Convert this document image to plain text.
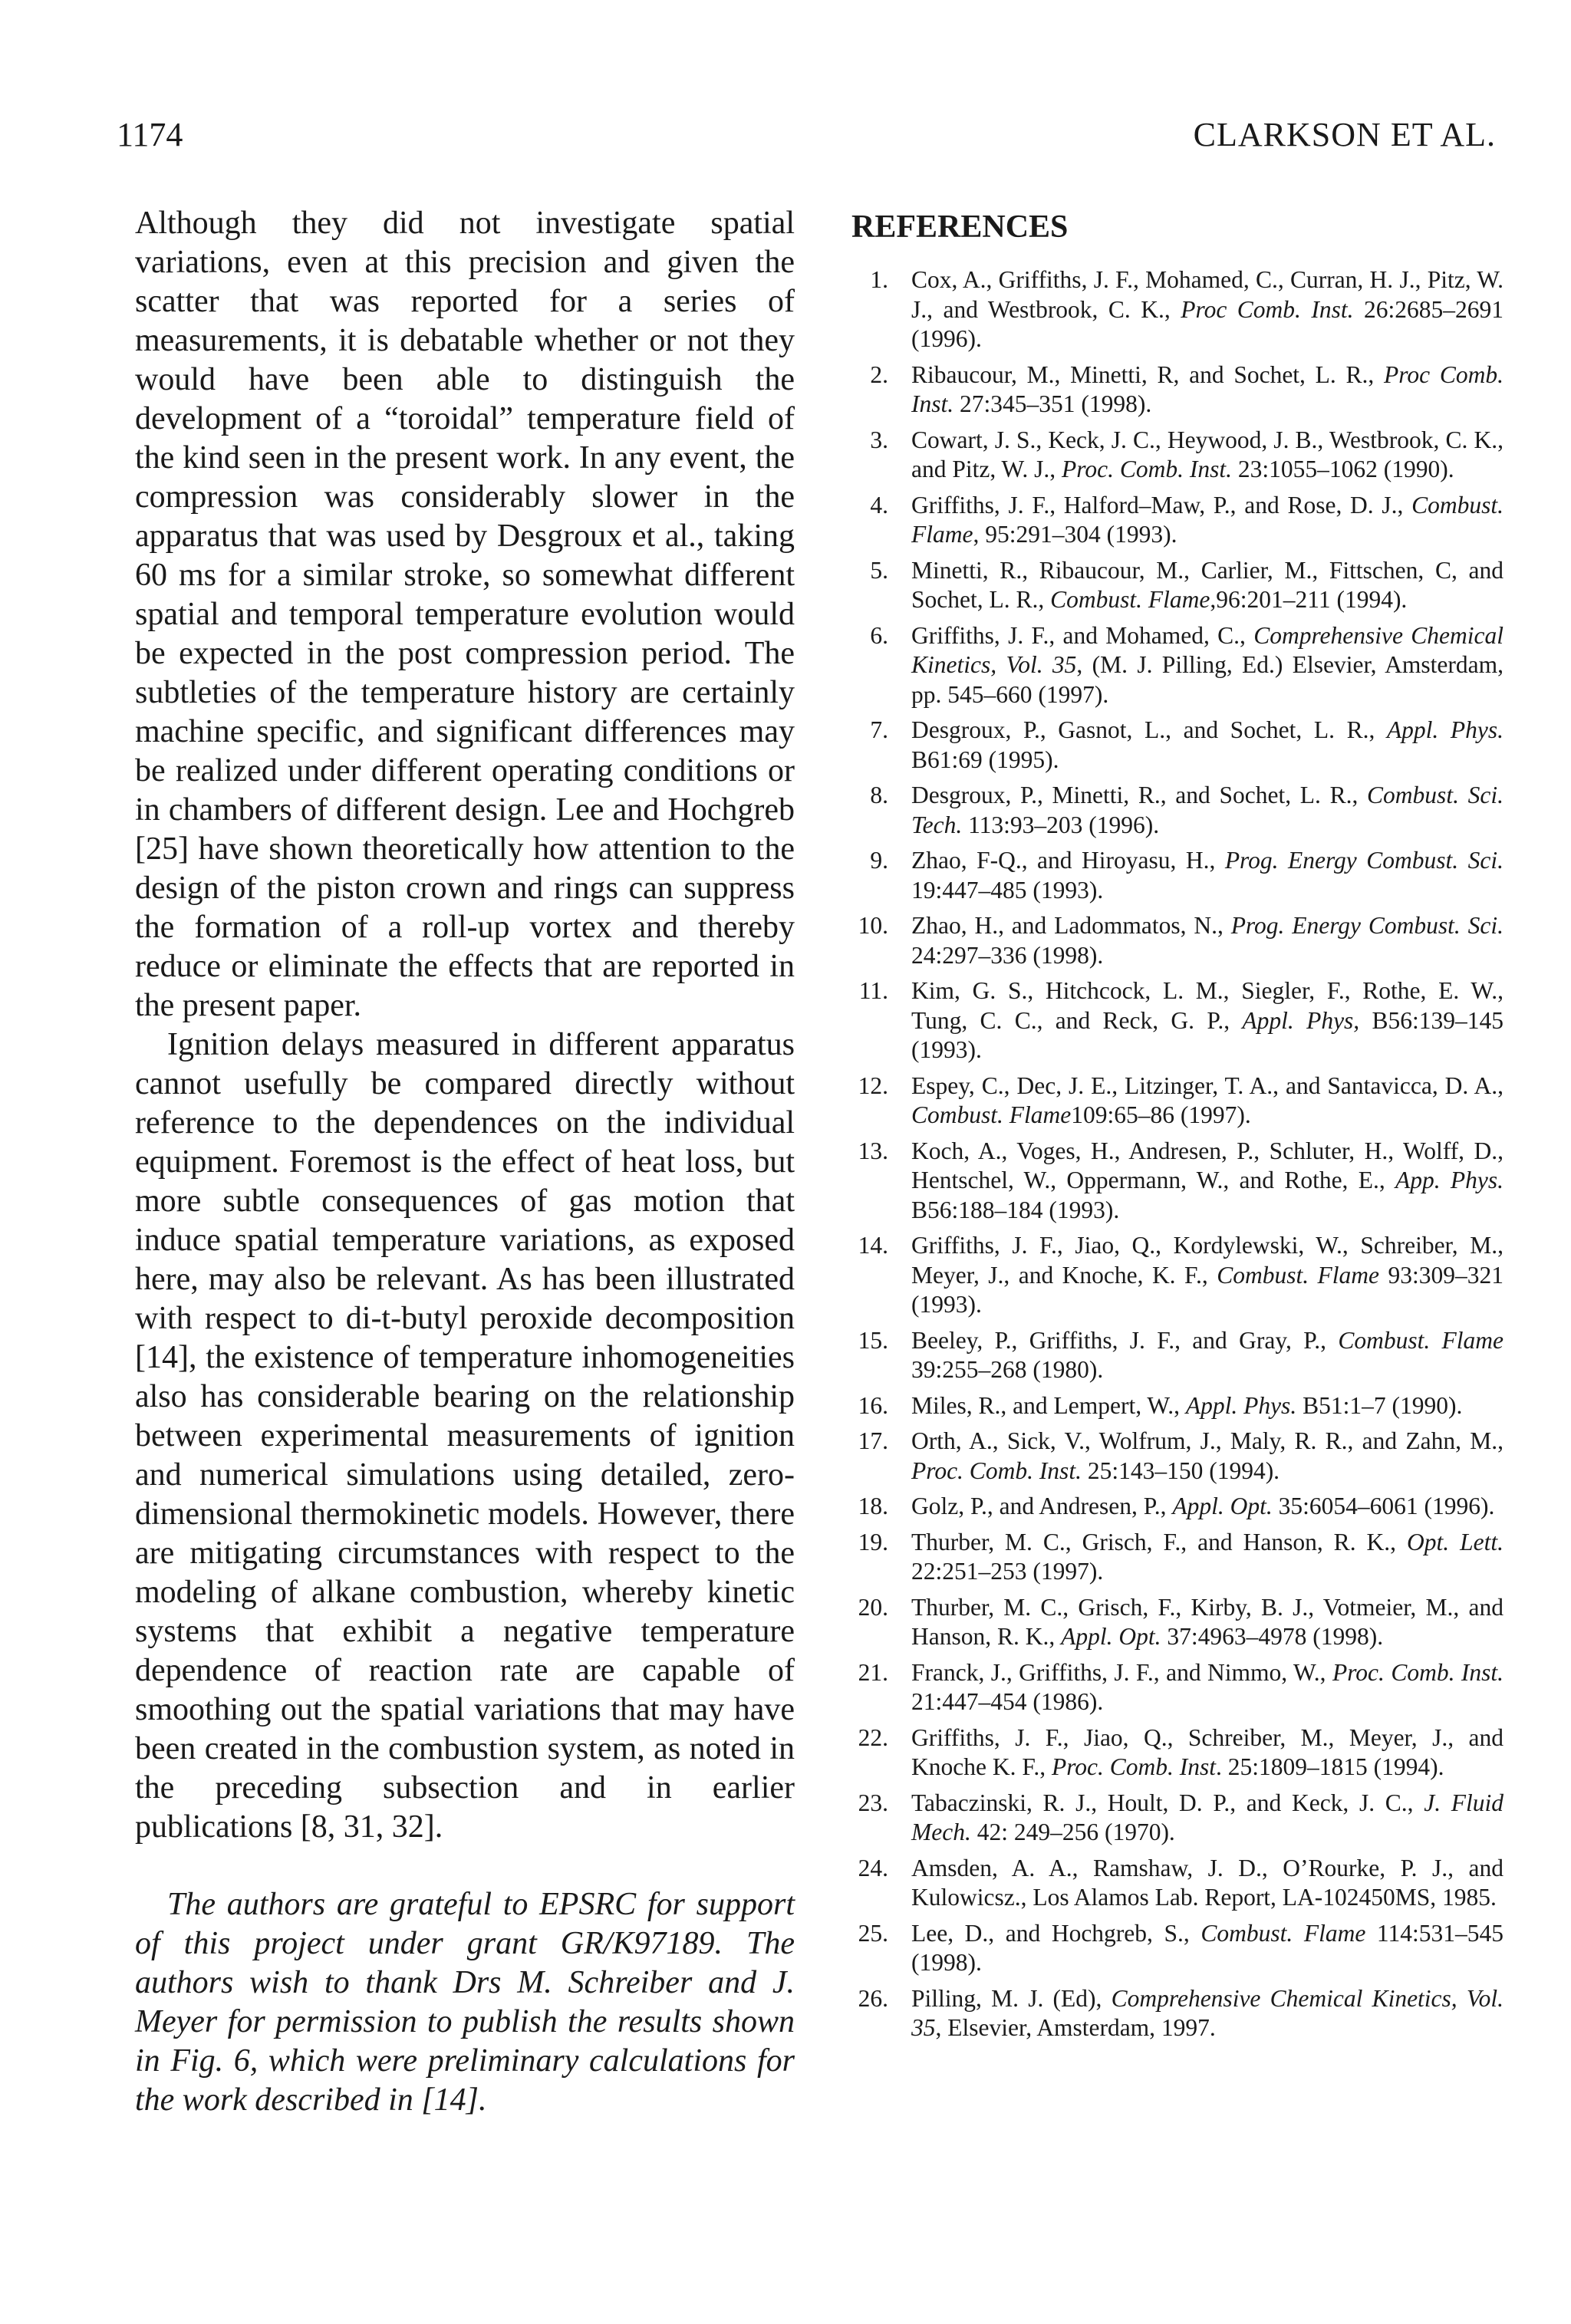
1174	CLARKSON ET AL.

Although they did not investigate spatial variations, even at this precision and given the scatter that was reported for a series of measurements, it is debatable whether or not they would have been able to distinguish the development of a “toroidal” temperature field of the kind seen in the present work. In any event, the compression was considerably slower in the apparatus that was used by Desgroux et al., taking 60 ms for a similar stroke, so somewhat different spatial and temporal temperature evolution would be expected in the post compression period. The subtleties of the temperature history are certainly machine specific, and significant differences may be realized under different operating conditions or in chambers of different design. Lee and Hochgreb [25] have shown theoretically how attention to the design of the piston crown and rings can suppress the formation of a roll-up vortex and thereby reduce or eliminate the effects that are reported in the present paper.

Ignition delays measured in different apparatus cannot usefully be compared directly without reference to the dependences on the individual equipment. Foremost is the effect of heat loss, but more subtle consequences of gas motion that induce spatial temperature variations, as exposed here, may also be relevant. As has been illustrated with respect to di-t-butyl peroxide decomposition [14], the existence of temperature inhomogeneities also has considerable bearing on the relationship between experimental measurements of ignition and numerical simulations using detailed, zero-dimensional thermokinetic models. However, there are mitigating circumstances with respect to the modeling of alkane combustion, whereby kinetic systems that exhibit a negative temperature dependence of reaction rate are capable of smoothing out the spatial variations that may have been created in the combustion system, as noted in the preceding subsection and in earlier publications [8, 31, 32].

The authors are grateful to EPSRC for support of this project under grant GR/K97189. The authors wish to thank Drs M. Schreiber and J. Meyer for permission to publish the results shown in Fig. 6, which were preliminary calculations for the work described in [14].

REFERENCES
1. Cox, A., Griffiths, J. F., Mohamed, C., Curran, H. J., Pitz, W. J., and Westbrook, C. K., Proc Comb. Inst. 26:2685–2691 (1996).
2. Ribaucour, M., Minetti, R, and Sochet, L. R., Proc Comb. Inst. 27:345–351 (1998).
3. Cowart, J. S., Keck, J. C., Heywood, J. B., Westbrook, C. K., and Pitz, W. J., Proc. Comb. Inst. 23:1055–1062 (1990).
4. Griffiths, J. F., Halford–Maw, P., and Rose, D. J., Combust. Flame, 95:291–304 (1993).
5. Minetti, R., Ribaucour, M., Carlier, M., Fittschen, C, and Sochet, L. R., Combust. Flame,96:201–211 (1994).
6. Griffiths, J. F., and Mohamed, C., Comprehensive Chemical Kinetics, Vol. 35, (M. J. Pilling, Ed.) Elsevier, Amsterdam, pp. 545–660 (1997).
7. Desgroux, P., Gasnot, L., and Sochet, L. R., Appl. Phys. B61:69 (1995).
8. Desgroux, P., Minetti, R., and Sochet, L. R., Combust. Sci. Tech. 113:93–203 (1996).
9. Zhao, F-Q., and Hiroyasu, H., Prog. Energy Combust. Sci. 19:447–485 (1993).
10. Zhao, H., and Ladommatos, N., Prog. Energy Combust. Sci. 24:297–336 (1998).
11. Kim, G. S., Hitchcock, L. M., Siegler, F., Rothe, E. W., Tung, C. C., and Reck, G. P., Appl. Phys, B56:139–145 (1993).
12. Espey, C., Dec, J. E., Litzinger, T. A., and Santavicca, D. A., Combust. Flame109:65–86 (1997).
13. Koch, A., Voges, H., Andresen, P., Schluter, H., Wolff, D., Hentschel, W., Oppermann, W., and Rothe, E., App. Phys. B56:188–184 (1993).
14. Griffiths, J. F., Jiao, Q., Kordylewski, W., Schreiber, M., Meyer, J., and Knoche, K. F., Combust. Flame 93:309–321 (1993).
15. Beeley, P., Griffiths, J. F., and Gray, P., Combust. Flame 39:255–268 (1980).
16. Miles, R., and Lempert, W., Appl. Phys. B51:1–7 (1990).
17. Orth, A., Sick, V., Wolfrum, J., Maly, R. R., and Zahn, M., Proc. Comb. Inst. 25:143–150 (1994).
18. Golz, P., and Andresen, P., Appl. Opt. 35:6054–6061 (1996).
19. Thurber, M. C., Grisch, F., and Hanson, R. K., Opt. Lett. 22:251–253 (1997).
20. Thurber, M. C., Grisch, F., Kirby, B. J., Votmeier, M., and Hanson, R. K., Appl. Opt. 37:4963–4978 (1998).
21. Franck, J., Griffiths, J. F., and Nimmo, W., Proc. Comb. Inst. 21:447–454 (1986).
22. Griffiths, J. F., Jiao, Q., Schreiber, M., Meyer, J., and Knoche K. F., Proc. Comb. Inst. 25:1809–1815 (1994).
23. Tabaczinski, R. J., Hoult, D. P., and Keck, J. C., J. Fluid Mech. 42: 249–256 (1970).
24. Amsden, A. A., Ramshaw, J. D., O’Rourke, P. J., and Kulowicsz., Los Alamos Lab. Report, LA-102450MS, 1985.
25. Lee, D., and Hochgreb, S., Combust. Flame 114:531–545 (1998).
26. Pilling, M. J. (Ed), Comprehensive Chemical Kinetics, Vol. 35, Elsevier, Amsterdam, 1997.
